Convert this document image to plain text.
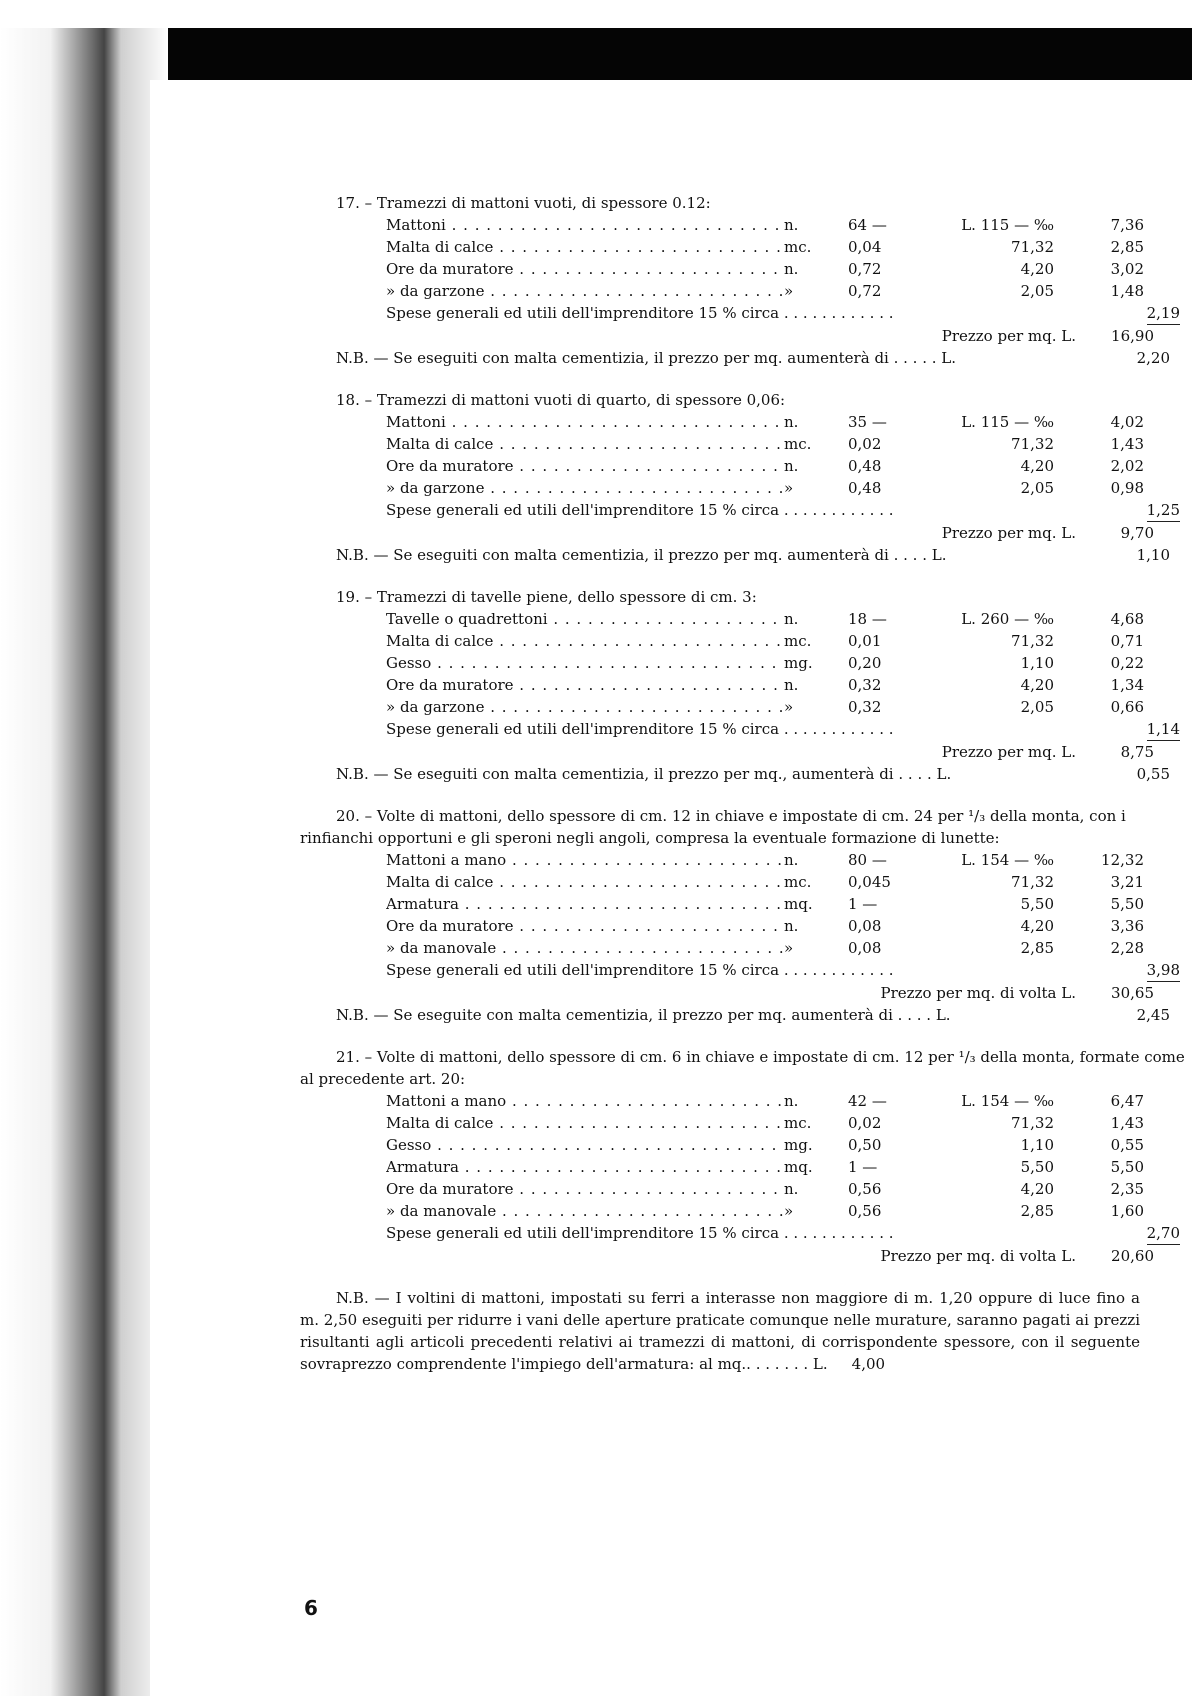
17. – Tramezzi di mattoni vuoti, di spessore 0.12:
Mattoni . . .	n.	64 —	L. 115 — ‰	7,36
Malta di calce . . .	mc.	0,04	71,32	2,85
Ore da muratore . . .	n.	0,72	4,20	3,02
» da garzone . . .	»	0,72	2,05	1,48
Spese generali ed utili dell'imprenditore 15 % circa . . . . . . . . . . . .	2,19
Prezzo per mq. L.	16,90
N.B. — Se eseguiti con malta cementizia, il prezzo per mq. aumenterà di . . . . . L.	2,20
18. – Tramezzi di mattoni vuoti di quarto, di spessore 0,06:
Mattoni . . .	n.	35 —	L. 115 — ‰	4,02
Malta di calce . . .	mc.	0,02	71,32	1,43
Ore da muratore . . .	n.	0,48	4,20	2,02
» da garzone . . .	»	0,48	2,05	0,98
Spese generali ed utili dell'imprenditore 15 % circa . . . . . . . . . . . .	1,25
Prezzo per mq. L.	9,70
N.B. — Se eseguiti con malta cementizia, il prezzo per mq. aumenterà di . . . . L.	1,10
19. – Tramezzi di tavelle piene, dello spessore di cm. 3:
Tavelle o quadrettoni . . .	n.	18 —	L. 260 — ‰	4,68
Malta di calce . . .	mc.	0,01	71,32	0,71
Gesso . . .	mg.	0,20	1,10	0,22
Ore da muratore . . .	n.	0,32	4,20	1,34
» da garzone . . .	»	0,32	2,05	0,66
Spese generali ed utili dell'imprenditore 15 % circa . . . . . . . . . . . .	1,14
Prezzo per mq. L.	8,75
N.B. — Se eseguiti con malta cementizia, il prezzo per mq., aumenterà di . . . . L.	0,55
20. – Volte di mattoni, dello spessore di cm. 12 in chiave e impostate di cm. 24 per ¹/₃ della monta, con i rinfianchi opportuni e gli speroni negli angoli, compresa la eventuale formazione di lunette:
Mattoni a mano . . .	n.	80 —	L. 154 — ‰	12,32
Malta di calce . . .	mc.	0,045	71,32	3,21
Armatura . . .	mq.	1 —	5,50	5,50
Ore da muratore . . .	n.	0,08	4,20	3,36
» da manovale . . .	»	0,08	2,85	2,28
Spese generali ed utili dell'imprenditore 15 % circa . . . . . . . . . . . .	3,98
Prezzo per mq. di volta L.	30,65
N.B. — Se eseguite con malta cementizia, il prezzo per mq. aumenterà di . . . . L.	2,45
21. – Volte di mattoni, dello spessore di cm. 6 in chiave e impostate di cm. 12 per ¹/₃ della monta, formate come al precedente art. 20:
Mattoni a mano . . .	n.	42 —	L. 154 — ‰	6,47
Malta di calce . . .	mc.	0,02	71,32	1,43
Gesso . . .	mg.	0,50	1,10	0,55
Armatura . . .	mq.	1 —	5,50	5,50
Ore da muratore . . .	n.	0,56	4,20	2,35
» da manovale . . .	»	0,56	2,85	1,60
Spese generali ed utili dell'imprenditore 15 % circa . . . . . . . . . . . .	2,70
Prezzo per mq. di volta L.	20,60
N.B. — I voltini di mattoni, impostati su ferri a interasse non maggiore di m. 1,20 oppure di luce fino a m. 2,50 eseguiti per ridurre i vani delle aperture praticate comunque nelle murature, saranno pagati ai prezzi risultanti agli articoli precedenti relativi ai tramezzi di mattoni, di corrispondente spessore, con il seguente sovraprezzo comprendente l'impiego dell'armatura: al mq.. . . . . . . L. 4,00
6
